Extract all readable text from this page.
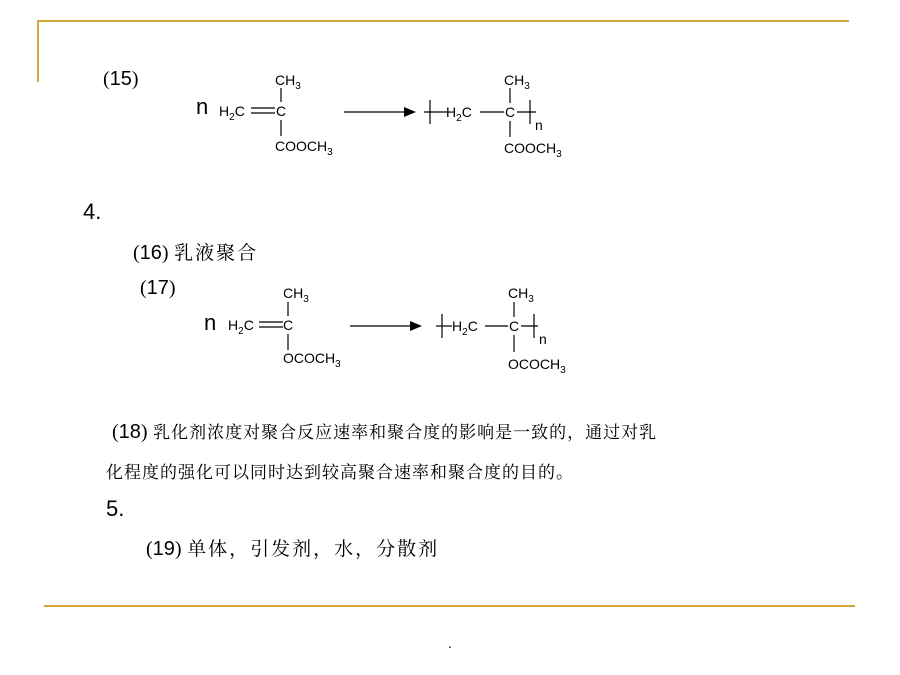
(15)
n $H_2C$ C
$CH_3$
$COOCH_3$
$H_2C$ C
$CH_3$
$COOCH_3$
n
4.
(16) 乳液聚合
(17)
n $H_2C$ C
$CH_3$
$OCOCH_3$
$H_2C$ C
$CH_3$
$OCOCH_3$
n
(18) 乳化剂浓度对聚合反应速率和聚合度的影响是一致的，通过对乳
化程度的强化可以同时达到较高聚合速率和聚合度的目的。
5.
(19) 单体，引发剂，水，分散剂
.
